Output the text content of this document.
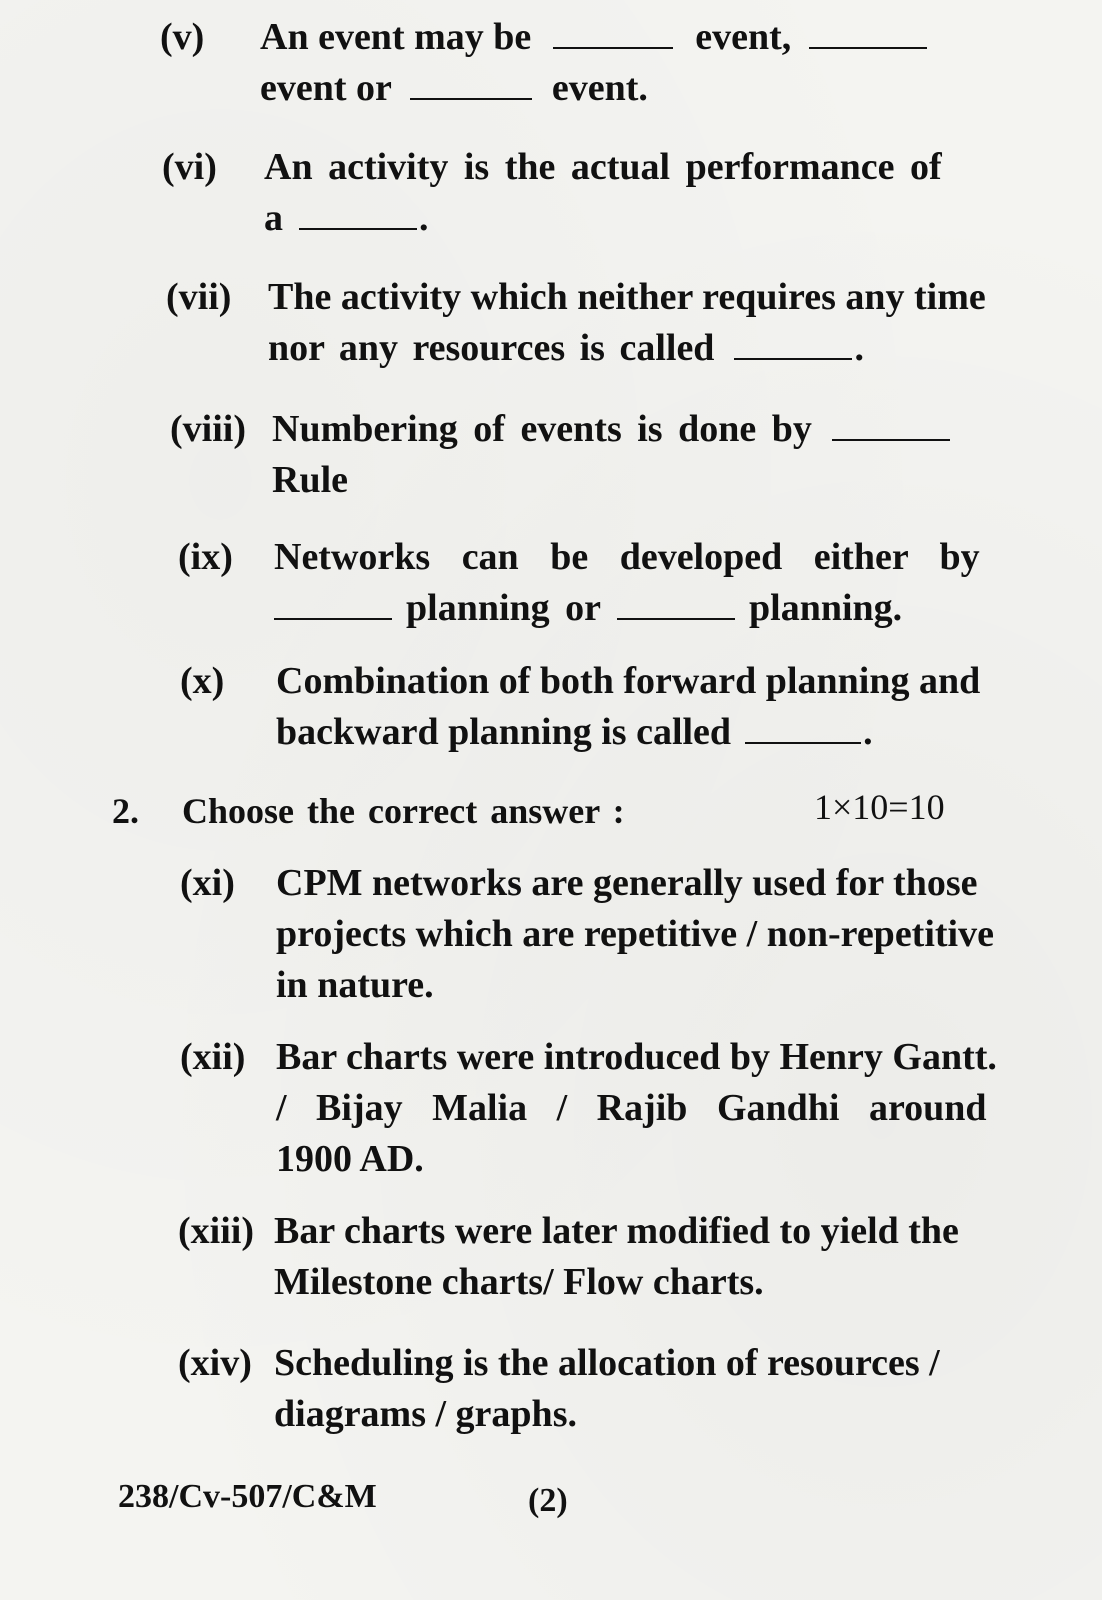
(v) An event may be	event,
event or	event.
(vi) An activity is the actual performance of
a	.
(vii) The activity which neither requires any time
nor any resources is called	.
(viii) Numbering of events is done by
Rule
(ix) Networks can be developed either by
planning or	planning.
(x) Combination of both forward planning and
backward planning is called	.
2. Choose the correct answer :	1×10=10
(xi) CPM networks are generally used for those
projects which are repetitive / non-repetitive
in nature.
(xii) Bar charts were introduced by Henry Gantt.
/ Bijay Malia / Rajib Gandhi around
1900 AD.
(xiii) Bar charts were later modified to yield the
Milestone charts/ Flow charts.
(xiv) Scheduling is the allocation of resources /
diagrams / graphs.
238/Cv-507/C&M	(2)
